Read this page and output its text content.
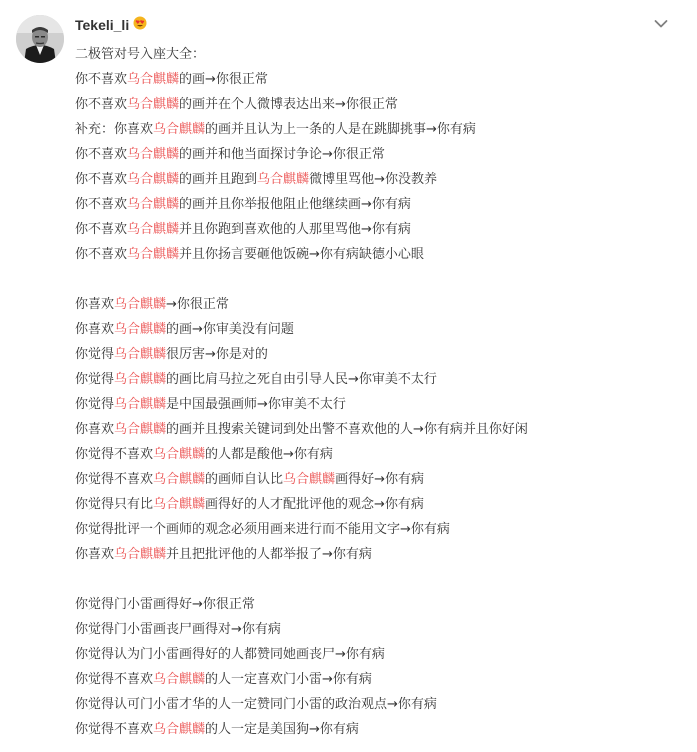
Tekeli_li
二极管对号入座大全：
你不喜欢乌合麒麟的画→你很正常
你不喜欢乌合麒麟的画并在个人微博表达出来→你很正常
补充：你喜欢乌合麒麟的画并且认为上一条的人是在跳脚挑事→你有病
你不喜欢乌合麒麟的画并和他当面探讨争论→你很正常
你不喜欢乌合麒麟的画并且跑到乌合麒麟微博里骂他→你没教养
你不喜欢乌合麒麟的画并且你举报他阻止他继续画→你有病
你不喜欢乌合麒麟并且你跑到喜欢他的人那里骂他→你有病
你不喜欢乌合麒麟并且你扬言要砸他饭碗→你有病缺德小心眼
你喜欢乌合麒麟→你很正常
你喜欢乌合麒麟的画→你审美没有问题
你觉得乌合麒麟很厉害→你是对的
你觉得乌合麒麟的画比肩马拉之死自由引导人民→你审美不太行
你觉得乌合麒麟是中国最强画师→你审美不太行
你喜欢乌合麒麟的画并且搜索关键词到处出警不喜欢他的人→你有病并且你好闲
你觉得不喜欢乌合麒麟的人都是酸他→你有病
你觉得不喜欢乌合麒麟的画师自认比乌合麒麟画得好→你有病
你觉得只有比乌合麒麟画得好的人才配批评他的观念→你有病
你觉得批评一个画师的观念必须用画来进行而不能用文字→你有病
你喜欢乌合麒麟并且把批评他的人都举报了→你有病
你觉得门小雷画得好→你很正常
你觉得门小雷画丧尸画得对→你有病
你觉得认为门小雷画得好的人都赞同她画丧尸→你有病
你觉得不喜欢乌合麒麟的人一定喜欢门小雷→你有病
你觉得认可门小雷才华的人一定赞同门小雷的政治观点→你有病
你觉得不喜欢乌合麒麟的人一定是美国狗→你有病
